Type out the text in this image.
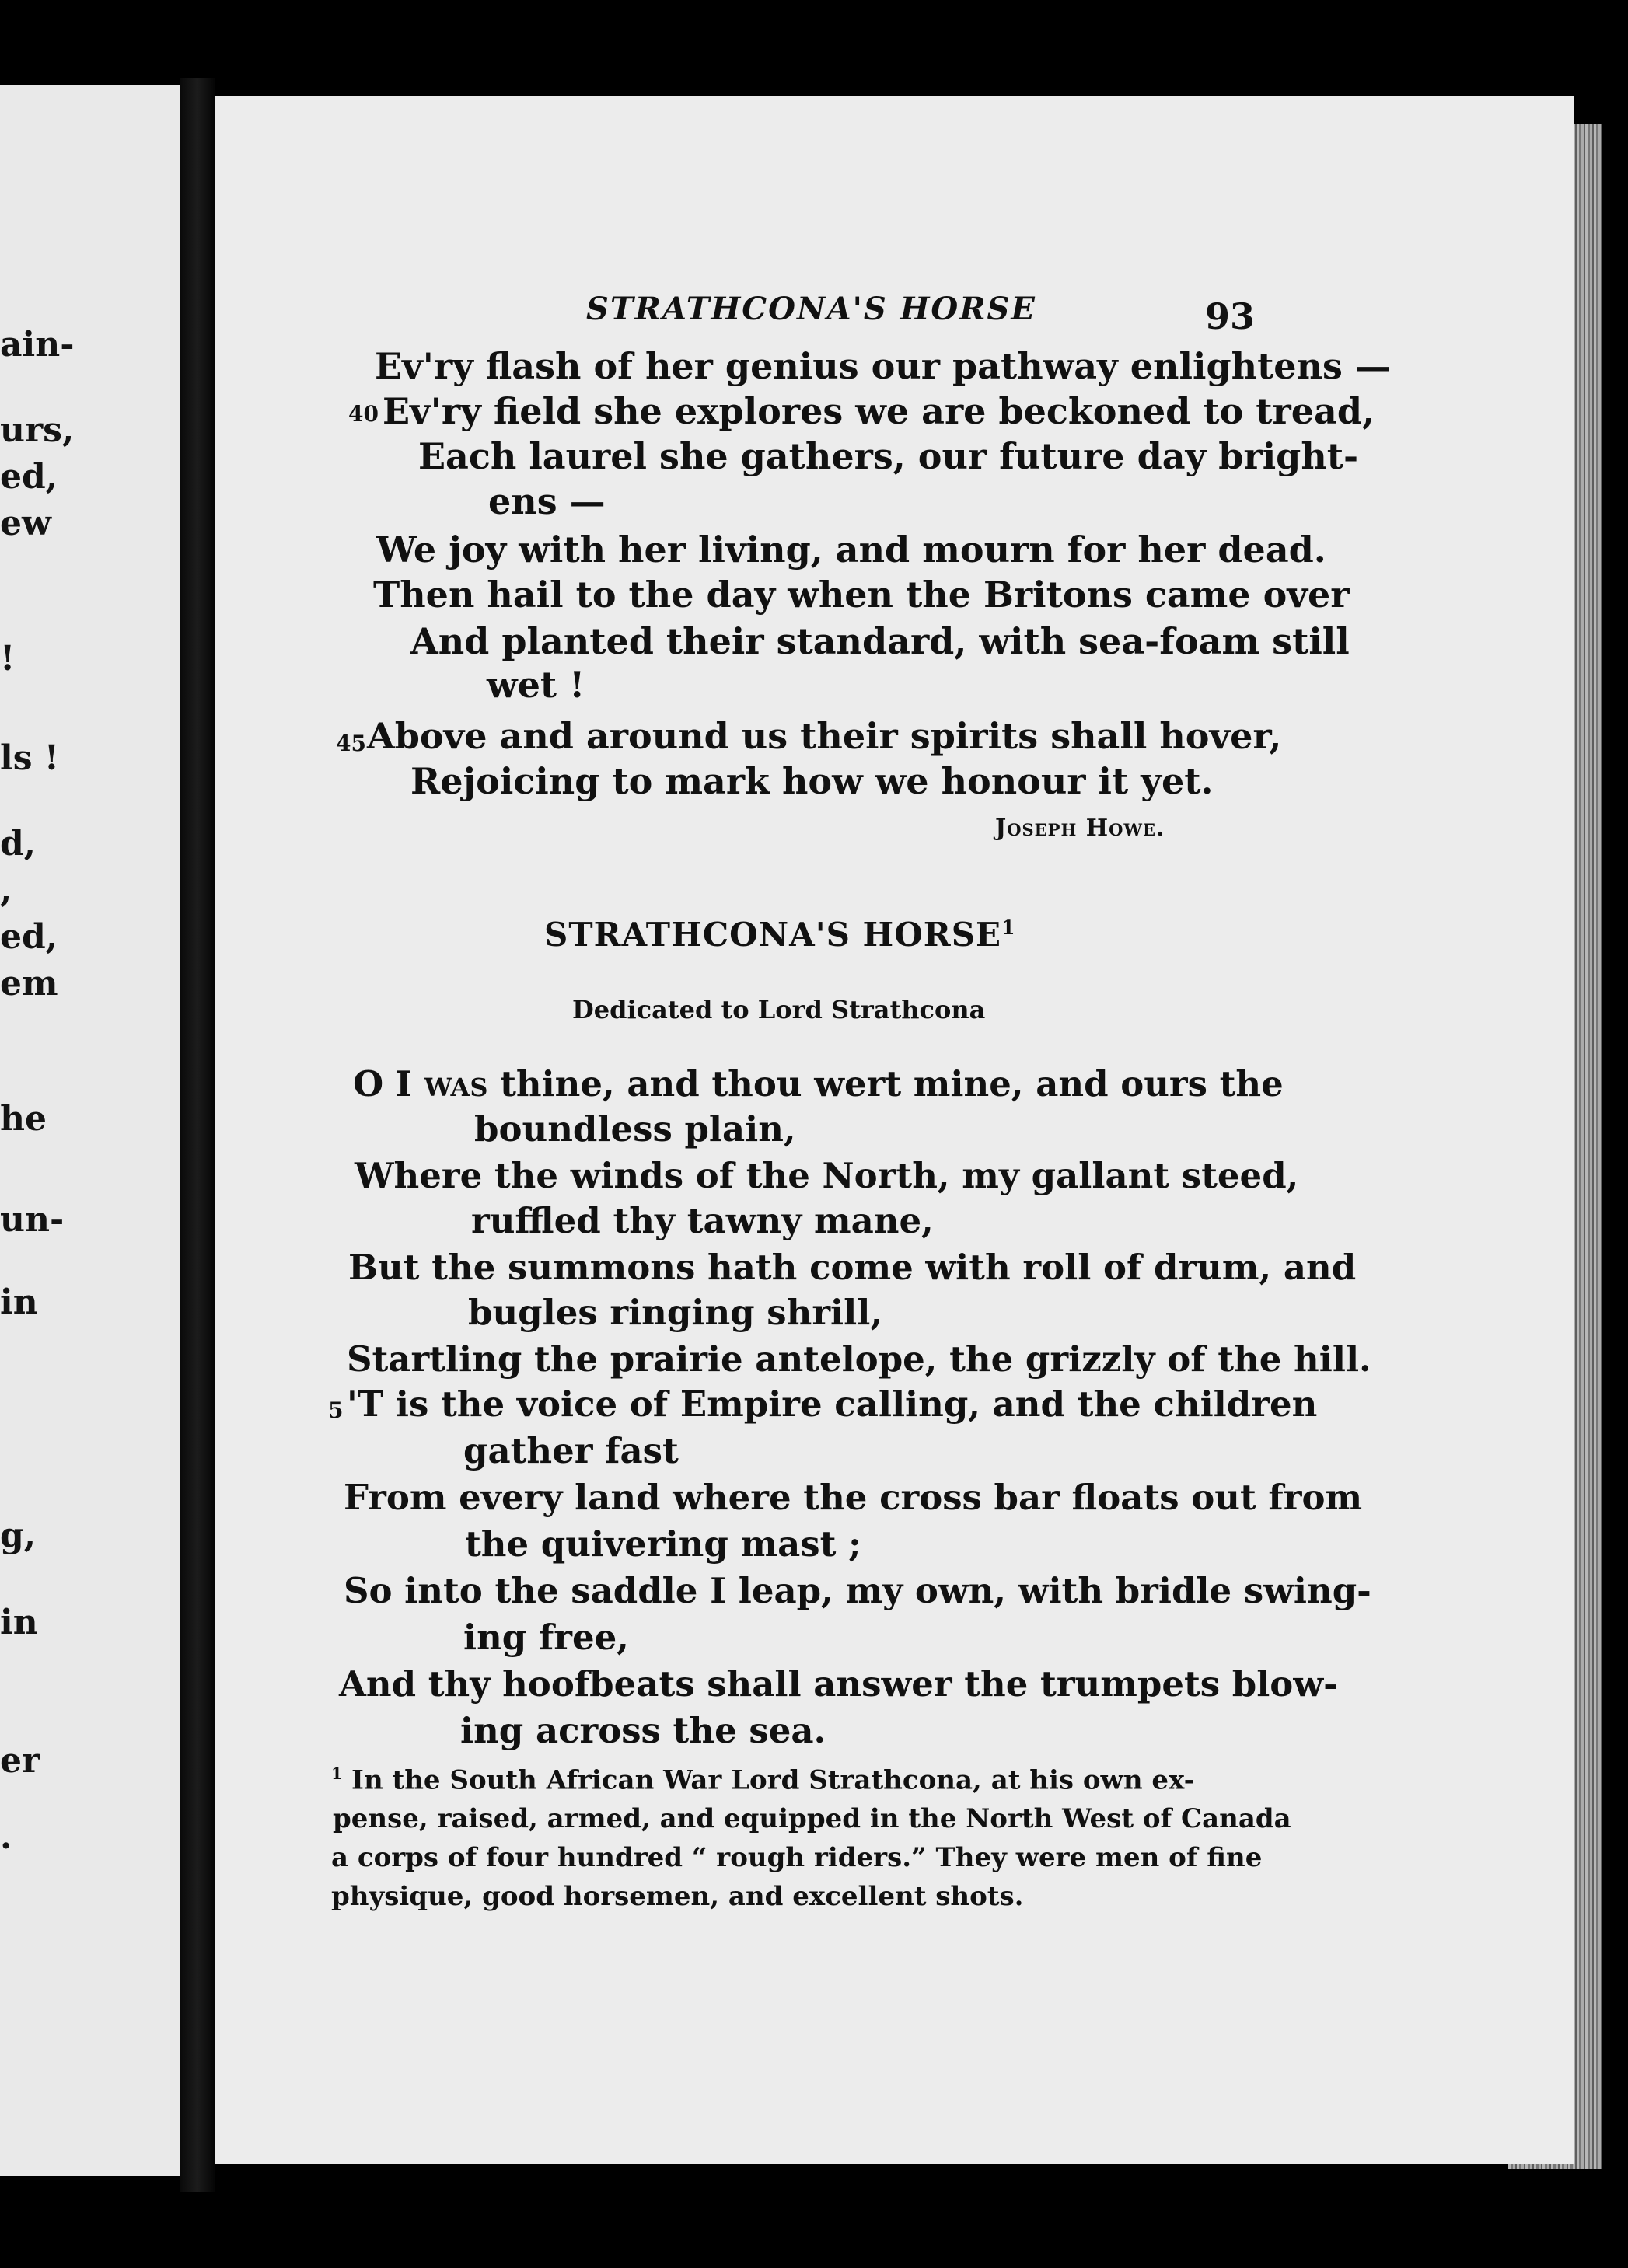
ain-
urs,
ed,
ew
!
ls !
d,
,
ed,
em
he
un-
in
g,
in
er
.
STRATHCONA'S HORSE	93
Ev'ry flash of her genius our pathway enlightens —
40 Ev'ry field she explores we are beckoned to tread,
Each laurel she gathers, our future day bright-
ens —
We joy with her living, and mourn for her dead.
Then hail to the day when the Britons came over
And planted their standard, with sea-foam still
wet !
45 Above and around us their spirits shall hover,
Rejoicing to mark how we honour it yet.
Joseph Howe.
STRATHCONA'S HORSE$^1$
Dedicated to Lord Strathcona
O I was thine, and thou wert mine, and ours the
boundless plain,
Where the winds of the North, my gallant steed,
ruffled thy tawny mane,
But the summons hath come with roll of drum, and
bugles ringing shrill,
Startling the prairie antelope, the grizzly of the hill.
5 'T is the voice of Empire calling, and the children
gather fast
From every land where the cross bar floats out from
the quivering mast ;
So into the saddle I leap, my own, with bridle swing-
ing free,
And thy hoofbeats shall answer the trumpets blow-
ing across the sea.
$^1$ In the South African War Lord Strathcona, at his own ex-
pense, raised, armed, and equipped in the North West of Canada
a corps of four hundred “ rough riders.” They were men of fine
physique, good horsemen, and excellent shots.
